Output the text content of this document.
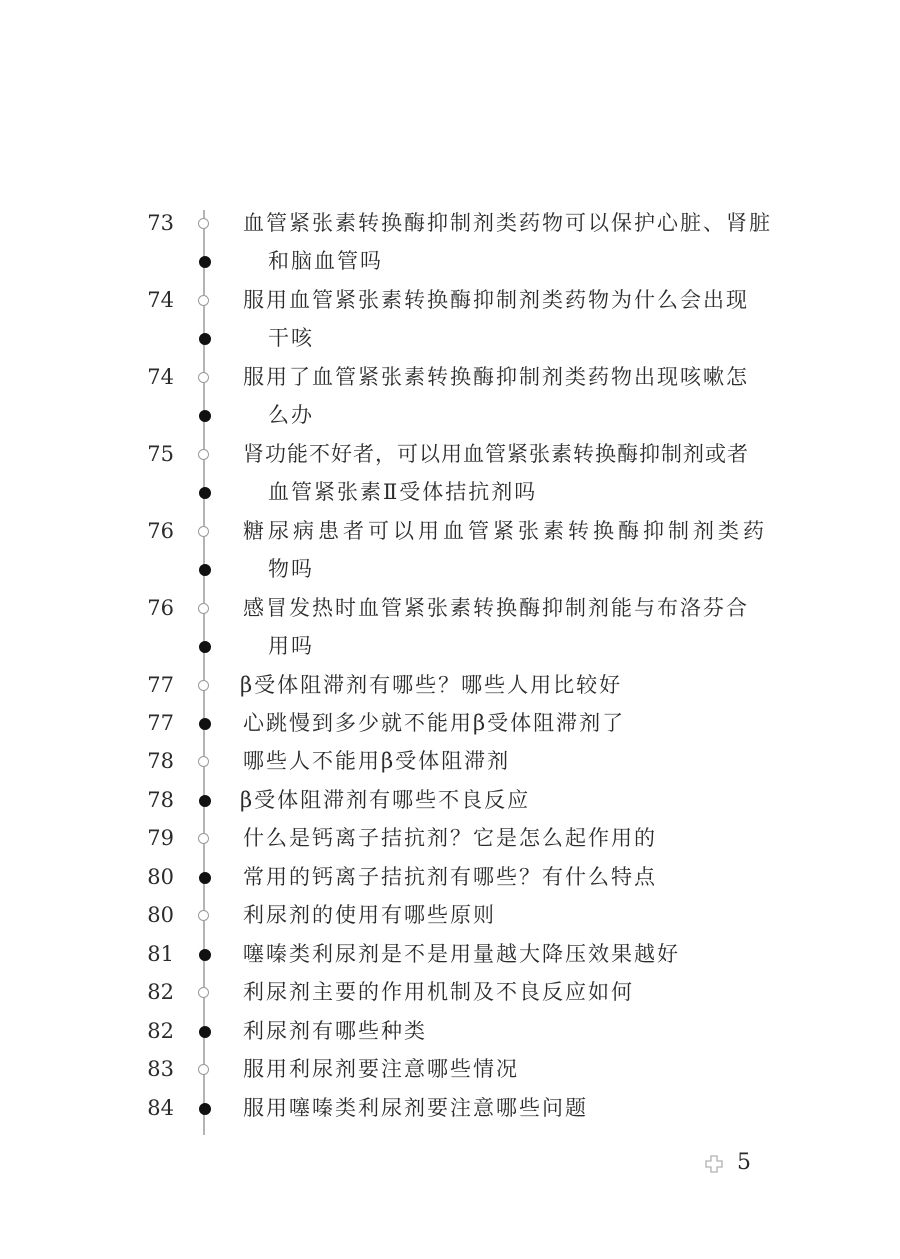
73	血管紧张素转换酶抑制剂类药物可以保护心脏、肾脏
和脑血管吗
74	服用血管紧张素转换酶抑制剂类药物为什么会出现
干咳
74	服用了血管紧张素转换酶抑制剂类药物出现咳嗽怎
么办
75	肾功能不好者，可以用血管紧张素转换酶抑制剂或者
血管紧张素Ⅱ受体拮抗剂吗
76	糖尿病患者可以用血管紧张素转换酶抑制剂类药
物吗
76	感冒发热时血管紧张素转换酶抑制剂能与布洛芬合
用吗
77	β受体阻滞剂有哪些？哪些人用比较好
77	心跳慢到多少就不能用β受体阻滞剂了
78	哪些人不能用β受体阻滞剂
78	β受体阻滞剂有哪些不良反应
79	什么是钙离子拮抗剂？它是怎么起作用的
80	常用的钙离子拮抗剂有哪些？有什么特点
80	利尿剂的使用有哪些原则
81	噻嗪类利尿剂是不是用量越大降压效果越好
82	利尿剂主要的作用机制及不良反应如何
82	利尿剂有哪些种类
83	服用利尿剂要注意哪些情况
84	服用噻嗪类利尿剂要注意哪些问题
5
